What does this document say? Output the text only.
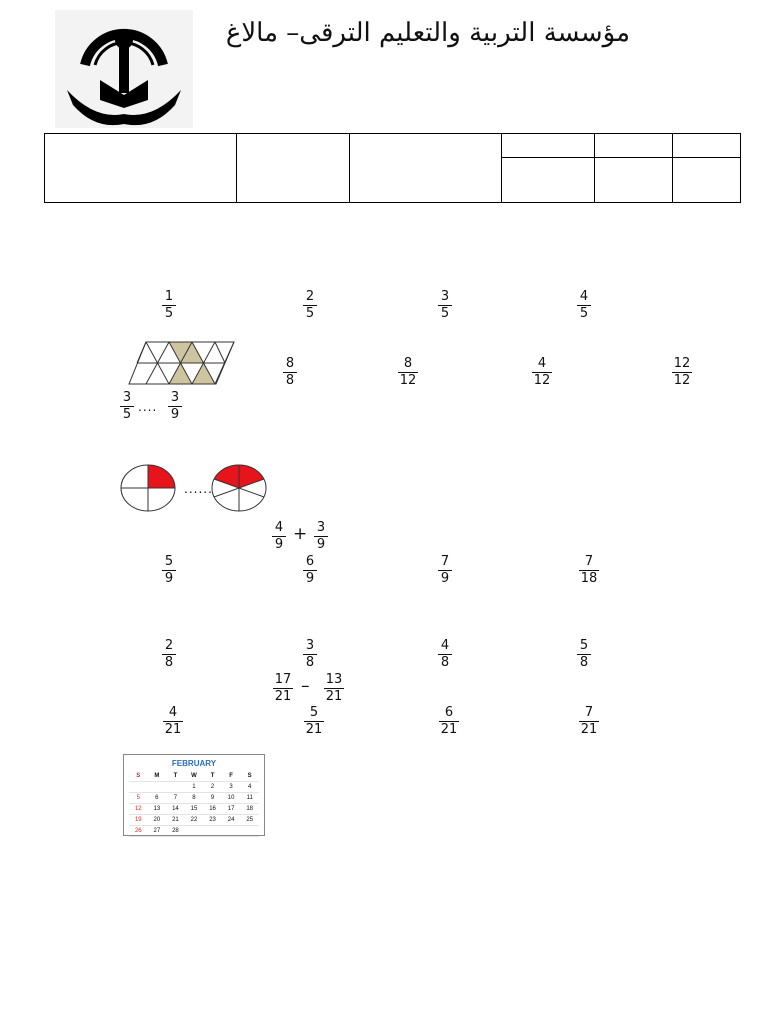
مؤسسة التربية والتعليم الترقى– مالاغ
1
5
2
5
3
5
4
5
8
8
8
12
4
12
12
12
3
5 ....
3
9
......
4
9
+ 3
9
5
9
6
9
7
9
7
18
2
8
3
8
4
8
5
8
17
21
–	13
21
4
21
5
21
6
21
7
21
FEBRUARY
S	M	T	W	T	F	S
			1	2	3	4
5	6	7	8	9	10	11
12	13	14	15	16	17	18
19	20	21	22	23	24	25
26	27	28				
